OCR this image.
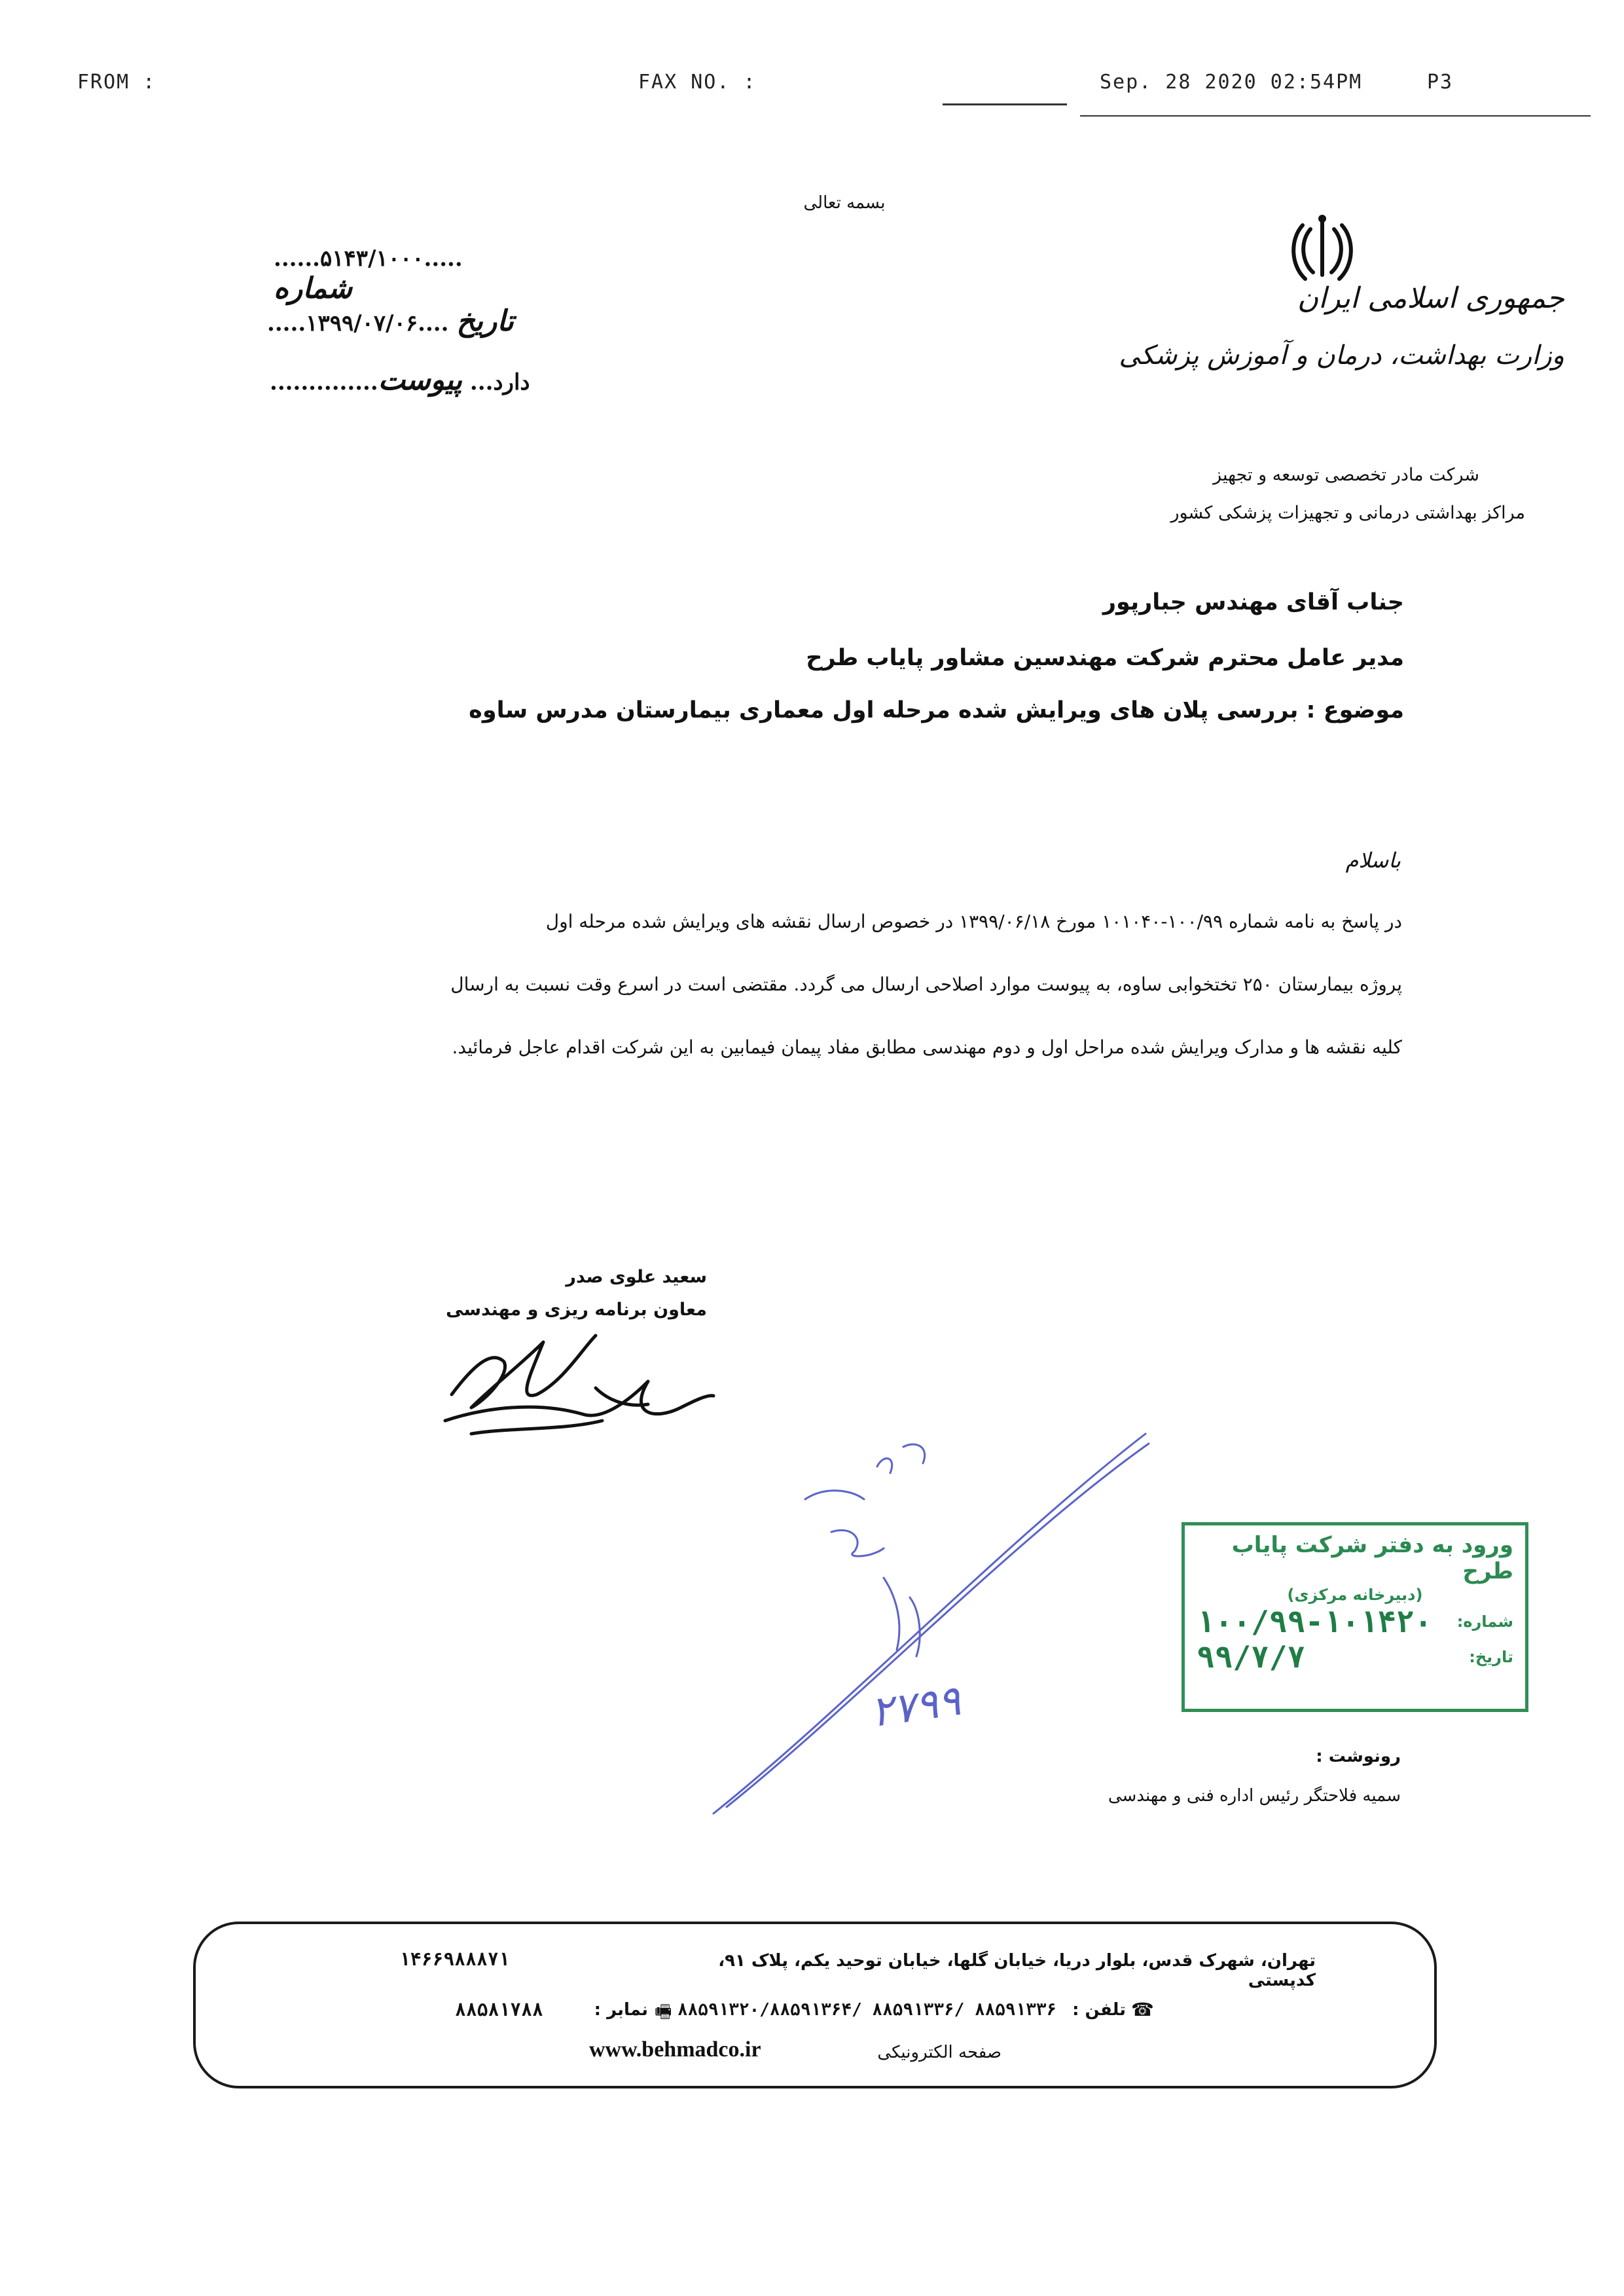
FROM :	FAX NO. :	Sep. 28 2020 02:54PM	P3
بسمه تعالی
جمهوری اسلامی ایران
وزارت بهداشت، درمان و آموزش پزشکی
شرکت مادر تخصصی توسعه و تجهیز
مراکز بهداشتی درمانی و تجهیزات پزشکی کشور
......۵۱۴۳/۱۰۰۰..... شماره
.....۱۳۹۹/۰۷/۰۶.... تاریخ
..............دارد... پیوست
جناب آقای مهندس جبارپور
مدیر عامل محترم شرکت مهندسین مشاور پایاب طرح
موضوع : بررسی پلان های ویرایش شده مرحله اول معماری بیمارستان مدرس ساوه
باسلام
در پاسخ به نامه شماره ۱۰۰/۹۹-۱۰۱۰۴۰ مورخ ۱۳۹۹/۰۶/۱۸ در خصوص ارسال نقشه های ویرایش شده مرحله اول
پروژه بیمارستان ۲۵۰ تختخوابی ساوه، به پیوست موارد اصلاحی ارسال می گردد. مقتضی است در اسرع وقت نسبت به ارسال
کلیه نقشه ها و مدارک ویرایش شده مراحل اول و دوم مهندسی مطابق مفاد پیمان فیمابین به این شرکت اقدام عاجل فرمائید.
سعید علوی صدر
معاون برنامه ریزی و مهندسی
۲۷۹۹
ورود به دفتر شرکت پایاب طرح
(دبیرخانه مرکزی)
شماره:
۱۰۰/۹۹-۱۰۱۴۲۰
تاریخ:
۹۹/۷/۷
رونوشت :
سمیه فلاحتگر رئیس اداره فنی و مهندسی
تهران، شهرک قدس، بلوار دریا، خیابان گلها، خیابان توحید یکم، پلاک ۹۱، کدپستی
۱۴۶۶۹۸۸۸۷۱
تلفن : ☎
۸۸۵۹۱۳۲۰/۸۸۵۹۱۳۶۴/ ۸۸۵۹۱۳۳۶/ ۸۸۵۹۱۳۳۶
🖷
نمابر :
۸۸۵۸۱۷۸۸
صفحه الکترونیکی
www.behmadco.ir
